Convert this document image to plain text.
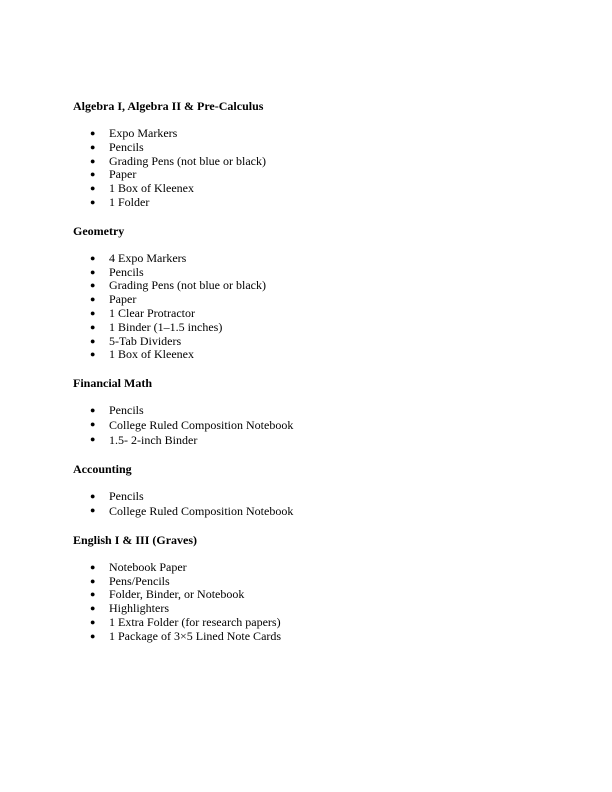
Algebra I, Algebra II & Pre-Calculus

● Expo Markers
● Pencils
● Grading Pens (not blue or black)
● Paper
● 1 Box of Kleenex
● 1 Folder

Geometry

● 4 Expo Markers
● Pencils
● Grading Pens (not blue or black)
● Paper
● 1 Clear Protractor
● 1 Binder (1–1.5 inches)
● 5-Tab Dividers
● 1 Box of Kleenex

Financial Math

● Pencils
● College Ruled Composition Notebook
● 1.5- 2-inch Binder

Accounting

● Pencils
● College Ruled Composition Notebook

English I & III (Graves)

● Notebook Paper
● Pens/Pencils
● Folder, Binder, or Notebook
● Highlighters
● 1 Extra Folder (for research papers)
● 1 Package of 3×5 Lined Note Cards
